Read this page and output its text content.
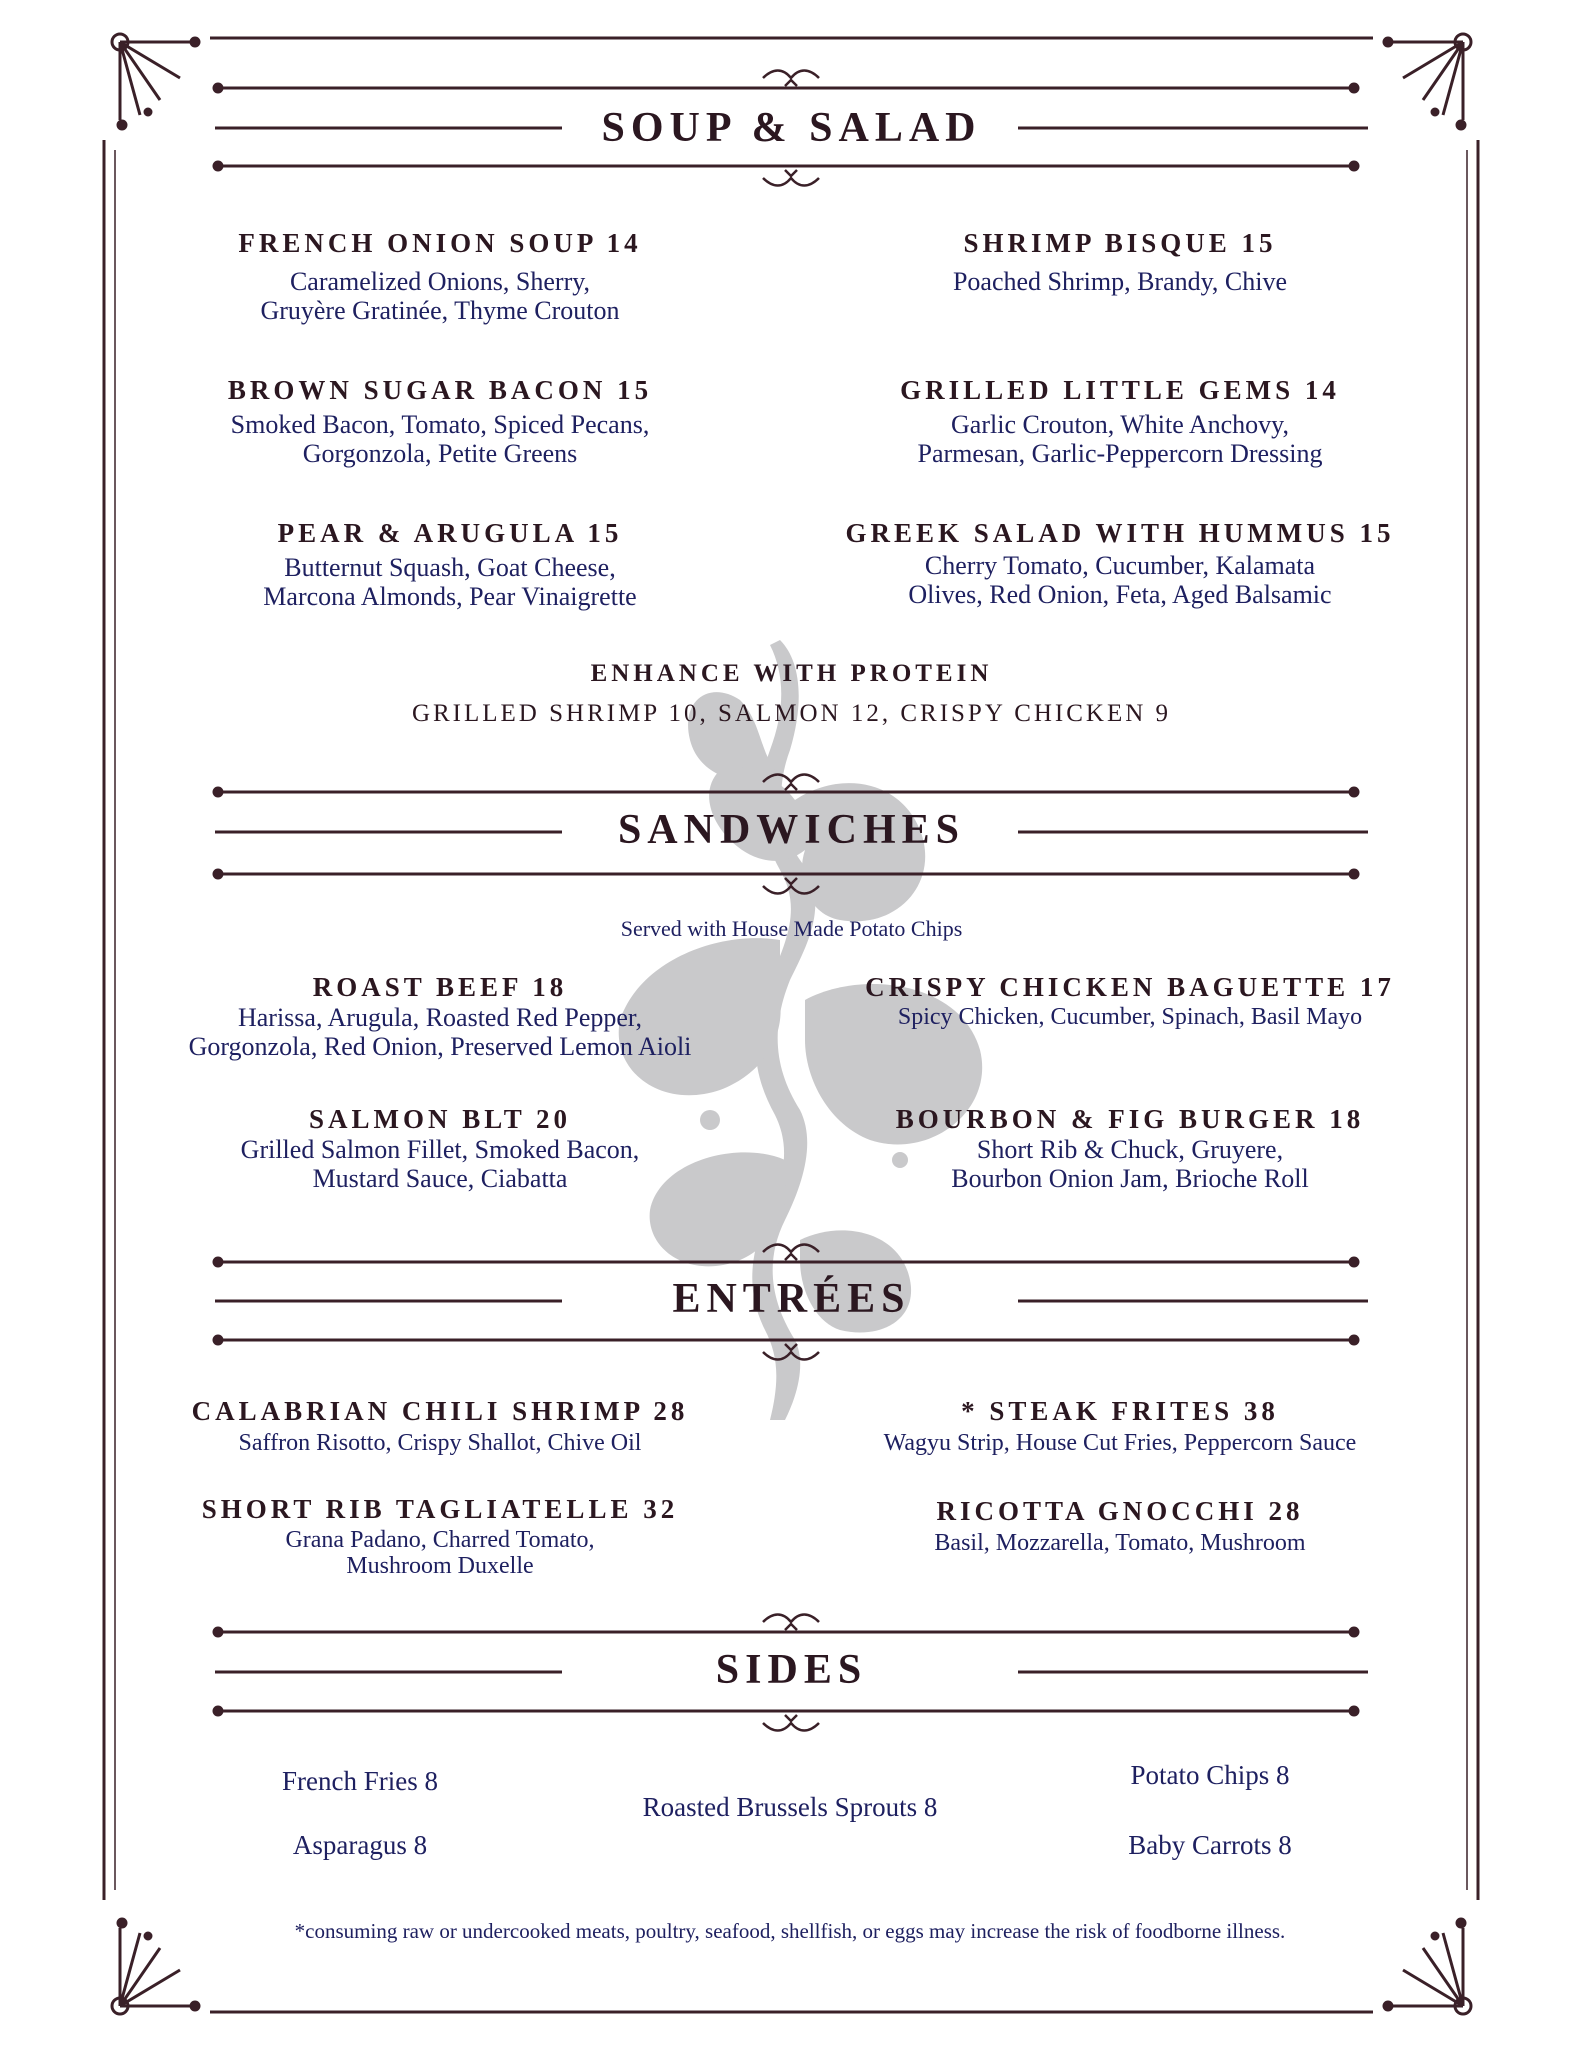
SOUP & SALAD
FRENCH ONION SOUP 14
Caramelized Onions, Sherry,
Gruyère Gratinée, Thyme Crouton
SHRIMP BISQUE 15
Poached Shrimp, Brandy, Chive
BROWN SUGAR BACON 15
Smoked Bacon, Tomato, Spiced Pecans,
Gorgonzola, Petite Greens
GRILLED LITTLE GEMS 14
Garlic Crouton, White Anchovy,
Parmesan, Garlic-Peppercorn Dressing
PEAR & ARUGULA 15
Butternut Squash, Goat Cheese,
Marcona Almonds, Pear Vinaigrette
GREEK SALAD WITH HUMMUS 15
Cherry Tomato, Cucumber, Kalamata
Olives, Red Onion, Feta, Aged Balsamic
ENHANCE WITH PROTEIN
GRILLED SHRIMP 10, SALMON 12, CRISPY CHICKEN 9
SANDWICHES
Served with House Made Potato Chips
ROAST BEEF 18
Harissa, Arugula, Roasted Red Pepper,
Gorgonzola, Red Onion, Preserved Lemon Aioli
CRISPY CHICKEN BAGUETTE 17
Spicy Chicken, Cucumber, Spinach, Basil Mayo
SALMON BLT 20
Grilled Salmon Fillet, Smoked Bacon,
Mustard Sauce, Ciabatta
BOURBON & FIG BURGER 18
Short Rib & Chuck, Gruyere,
Bourbon Onion Jam, Brioche Roll
ENTRÉES
CALABRIAN CHILI SHRIMP 28
Saffron Risotto, Crispy Shallot, Chive Oil
* STEAK FRITES 38
Wagyu Strip, House Cut Fries, Peppercorn Sauce
SHORT RIB TAGLIATELLE 32
Grana Padano, Charred Tomato,
Mushroom Duxelle
RICOTTA GNOCCHI 28
Basil, Mozzarella, Tomato, Mushroom
SIDES
French Fries 8
Asparagus 8
Roasted Brussels Sprouts 8
Potato Chips 8
Baby Carrots 8
*consuming raw or undercooked meats, poultry, seafood, shellfish, or eggs may increase the risk of foodborne illness.
